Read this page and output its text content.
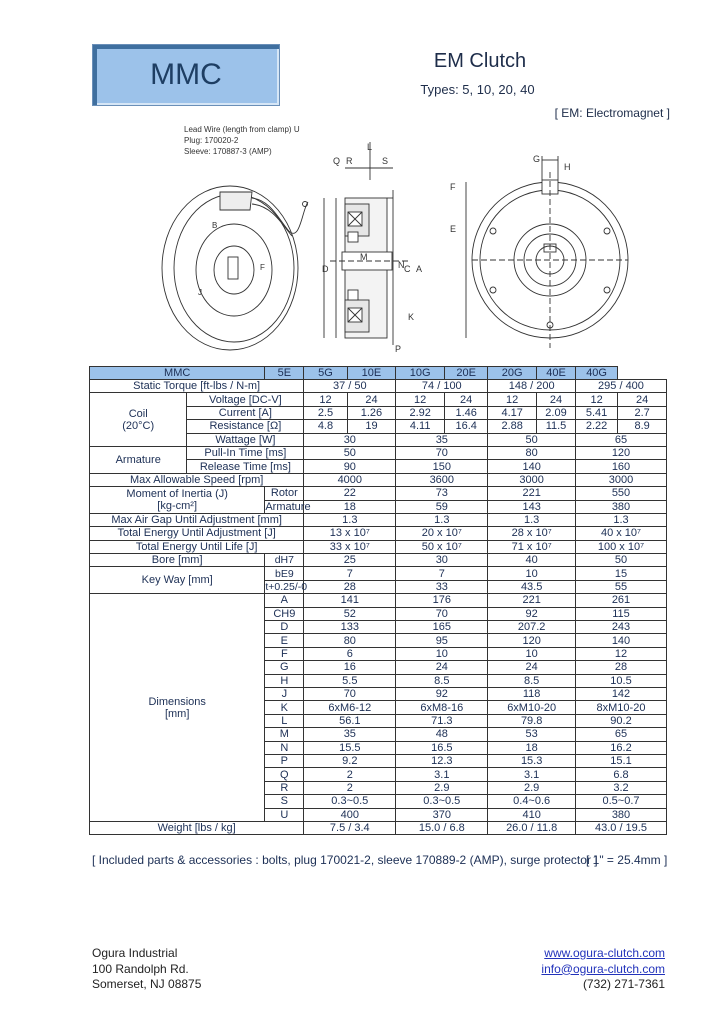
MMC	EM Clutch
Types: 5, 10, 20, 40
[ EM: Electromagnet ]
Lead Wire (length from clamp) U
Plug: 170020-2
Sleeve: 170887-3 (AMP)
B
J
F
Q R
L
S
M
D	N C A
K
P
G
H
F
E
MMC		5E	5G	10E	10G	20E	20G	40E	40G	
Static Torque [ft-lbs / N-m]			37 / 50		74 / 100		148 / 200		295 / 400	

Coil
(20°C)	Voltage [DC-V]		12	24	12	24	12	24	12	24
	Current [A]		2.5	1.26	2.92	1.46	4.17	2.09	5.41	2.7
	Resistance [Ω]		4.8	19	4.11	16.4	2.88	11.5	2.22	8.9
	Wattage [W]		30		35		50		65	
Armature	Pull-In Time [ms]		50		70		80		120	
	Release Time [ms]		90		150		140		160	
Max Allowable Speed [rpm]			4000		3600		3000		3000	

Moment of Inertia (J)
[kg-cm²]		Rotor	22		73		221		550	
		Armature	18		59		143		380	
Max Air Gap Until Adjustment [mm]			1.3		1.3		1.3		1.3	
Total Energy Until Adjustment [J]			13 x 10⁷		20 x 10⁷		28 x 10⁷		40 x 10⁷	
Total Energy Until Life [J]			33 x 10⁷		50 x 10⁷		71 x 10⁷		100 x 10⁷	
Bore [mm]		dH7	25		30		40		50	
Key Way [mm]		bE9	7		7		10		15	
		t+0.25/-0	28		33		43.5		55	

Dimensions
[mm]		A	141		176		221		261	
		CH9	52		70		92		115	
		D	133		165		207.2		243	
		E	80		95		120		140	
		F	6		10		10		12	
		G	16		24		24		28	
		H	5.5		8.5		8.5		10.5	
		J	70		92		118		142	
		K	6xM6-12		6xM8-16		6xM10-20		8xM10-20	
		L	56.1		71.3		79.8		90.2	
		M	35		48		53		65	
		N	15.5		16.5		18		16.2	
		P	9.2		12.3		15.3		15.1	
		Q	2		3.1		3.1		6.8	
		R	2		2.9		2.9		3.2	
		S	0.3~0.5		0.3~0.5		0.4~0.6		0.5~0.7	
		U	400		370		410		380	
Weight [lbs / kg]			7.5 / 3.4		15.0 / 6.8		26.0 / 11.8		43.0 / 19.5	
[ Included parts & accessories : bolts, plug 170021-2, sleeve 170889-2 (AMP), surge protector ]
[ 1" = 25.4mm ]
Ogura Industrial
100 Randolph Rd.
Somerset, NJ 08875
www.ogura-clutch.com
info@ogura-clutch.com
(732) 271-7361
